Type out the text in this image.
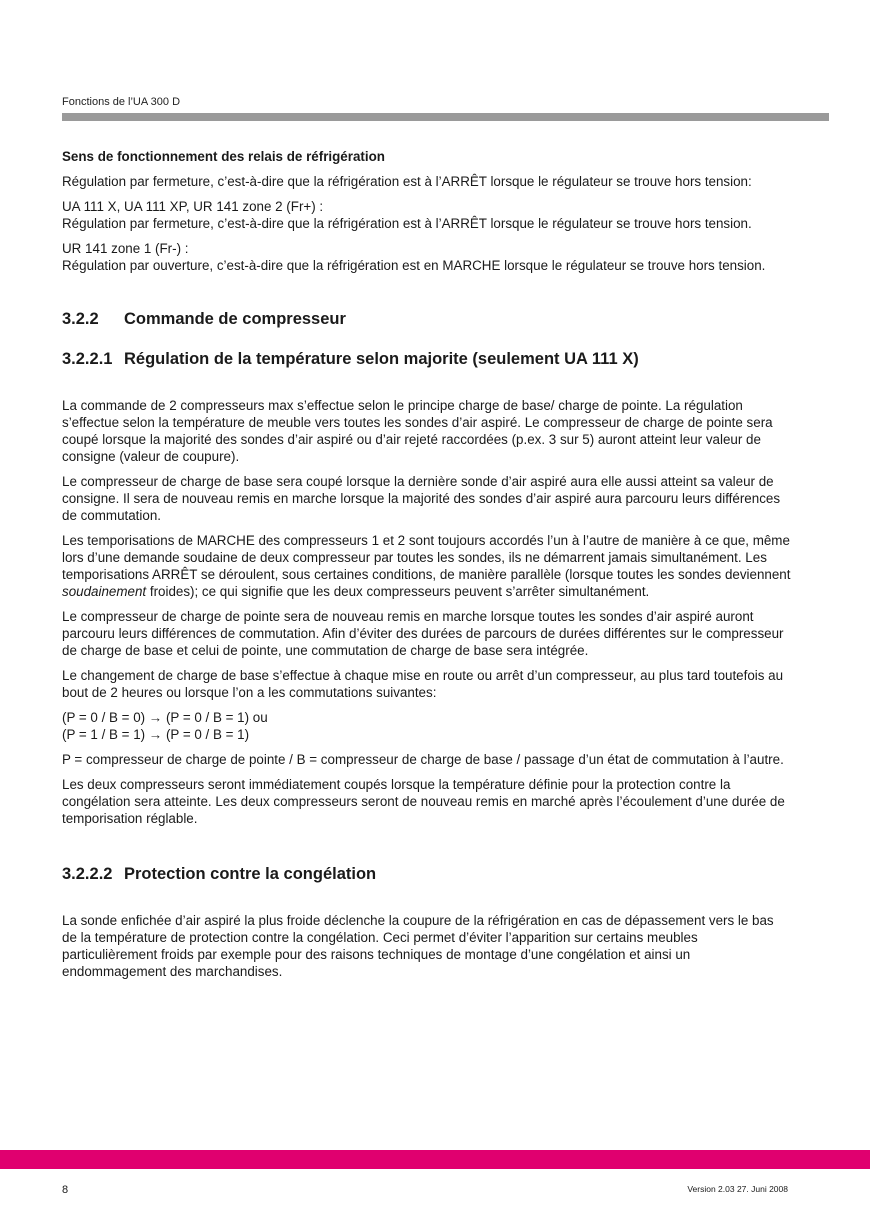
Fonctions de l’UA 300 D

Sens de fonctionnement des relais de réfrigération

Régulation par fermeture, c’est-à-dire que la réfrigération est à l’ARRÊT lorsque le régulateur se trouve hors tension:

UA 111 X, UA 111 XP, UR 141 zone 2 (Fr+) :
Régulation par fermeture, c’est-à-dire que la réfrigération est à l’ARRÊT lorsque le régulateur se trouve hors tension.

UR 141 zone 1 (Fr-) :
Régulation par ouverture, c’est-à-dire que la réfrigération est en MARCHE lorsque le régulateur se trouve hors tension.

3.2.2 Commande de compresseur
3.2.2.1 Régulation de la température selon majorite (seulement UA 111 X)

La commande de 2 compresseurs max s’effectue selon le principe charge de base/ charge de pointe. La régulation s’effectue selon la température de meuble vers toutes les sondes d’air aspiré. Le compresseur de charge de pointe sera coupé lorsque la majorité des sondes d’air aspiré ou d’air rejeté raccordées (p.ex. 3 sur 5) auront atteint leur valeur de consigne (valeur de coupure).

Le compresseur de charge de base sera coupé lorsque la dernière sonde d’air aspiré aura elle aussi atteint sa valeur de consigne. Il sera de nouveau remis en marche lorsque la majorité des sondes d’air aspiré aura parcouru leurs différences de commutation.

Les temporisations de MARCHE des compresseurs 1 et 2 sont toujours accordés l’un à l’autre de manière à ce que, même lors d’une demande soudaine de deux compresseur par toutes les sondes, ils ne démarrent jamais simultanément. Les temporisations ARRÊT se déroulent, sous certaines conditions, de manière parallèle (lorsque toutes les sondes deviennent soudainement froides); ce qui signifie que les deux compresseurs peuvent s’arrêter simultanément.

Le compresseur de charge de pointe sera de nouveau remis en marche lorsque toutes les sondes d’air aspiré auront parcouru leurs différences de commutation. Afin d’éviter des durées de parcours de durées différentes sur le compresseur de charge de base et celui de pointe, une commutation de charge de base sera intégrée.

Le changement de charge de base s’effectue à chaque mise en route ou arrêt d’un compresseur, au plus tard toutefois au bout de 2 heures ou lorsque l’on a les commutations suivantes:

(P = 0 / B = 0) → (P = 0 / B = 1) ou
(P = 1 / B = 1) → (P = 0 / B = 1)

P = compresseur de charge de pointe / B = compresseur de charge de base / passage d’un état de commutation à l’autre.

Les deux compresseurs seront immédiatement coupés lorsque la température définie pour la protection contre la congélation sera atteinte. Les deux compresseurs seront de nouveau remis en marché après l’écoulement d’une durée de temporisation réglable.

3.2.2.2 Protection contre la congélation

La sonde enfichée d’air aspiré la plus froide déclenche la coupure de la réfrigération en cas de dépassement vers le bas de la température de protection contre la congélation. Ceci permet d’éviter l’apparition sur certains meubles particulièrement froids par exemple pour des raisons techniques de montage d’une congélation et ainsi un endommagement des marchandises.

8	Version 2.03 27. Juni 2008
